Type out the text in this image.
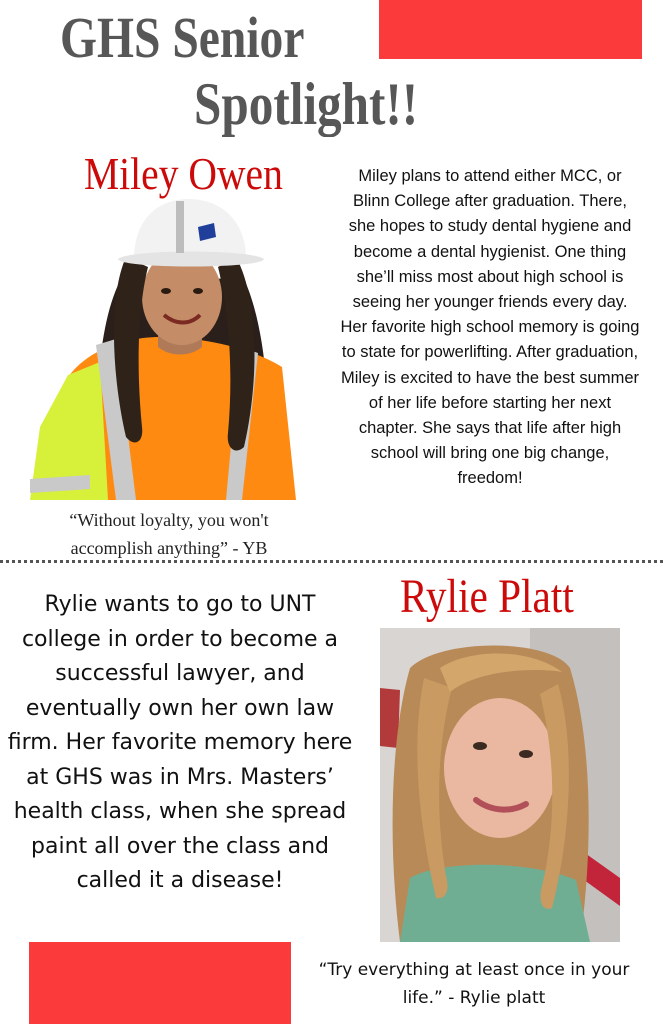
GHS Senior
Spotlight!!
Miley Owen	Miley plans to attend either MCC, or Blinn College after graduation. There, she hopes to study dental hygiene and become a dental hygienist. One thing she’ll miss most about high school is seeing her younger friends every day. Her favorite high school memory is going to state for powerlifting. After graduation, Miley is excited to have the best summer of her life before starting her next chapter. She says that life after high school will bring one big change, freedom!
“Without loyalty, you won't accomplish anything” - YB
Rylie wants to go to UNT college in order to become a successful lawyer, and eventually own her own law firm. Her favorite memory here at GHS was in Mrs. Masters’ health class, when she spread paint all over the class and called it a disease!
Rylie Platt
“Try everything at least once in your life.” - Rylie platt
